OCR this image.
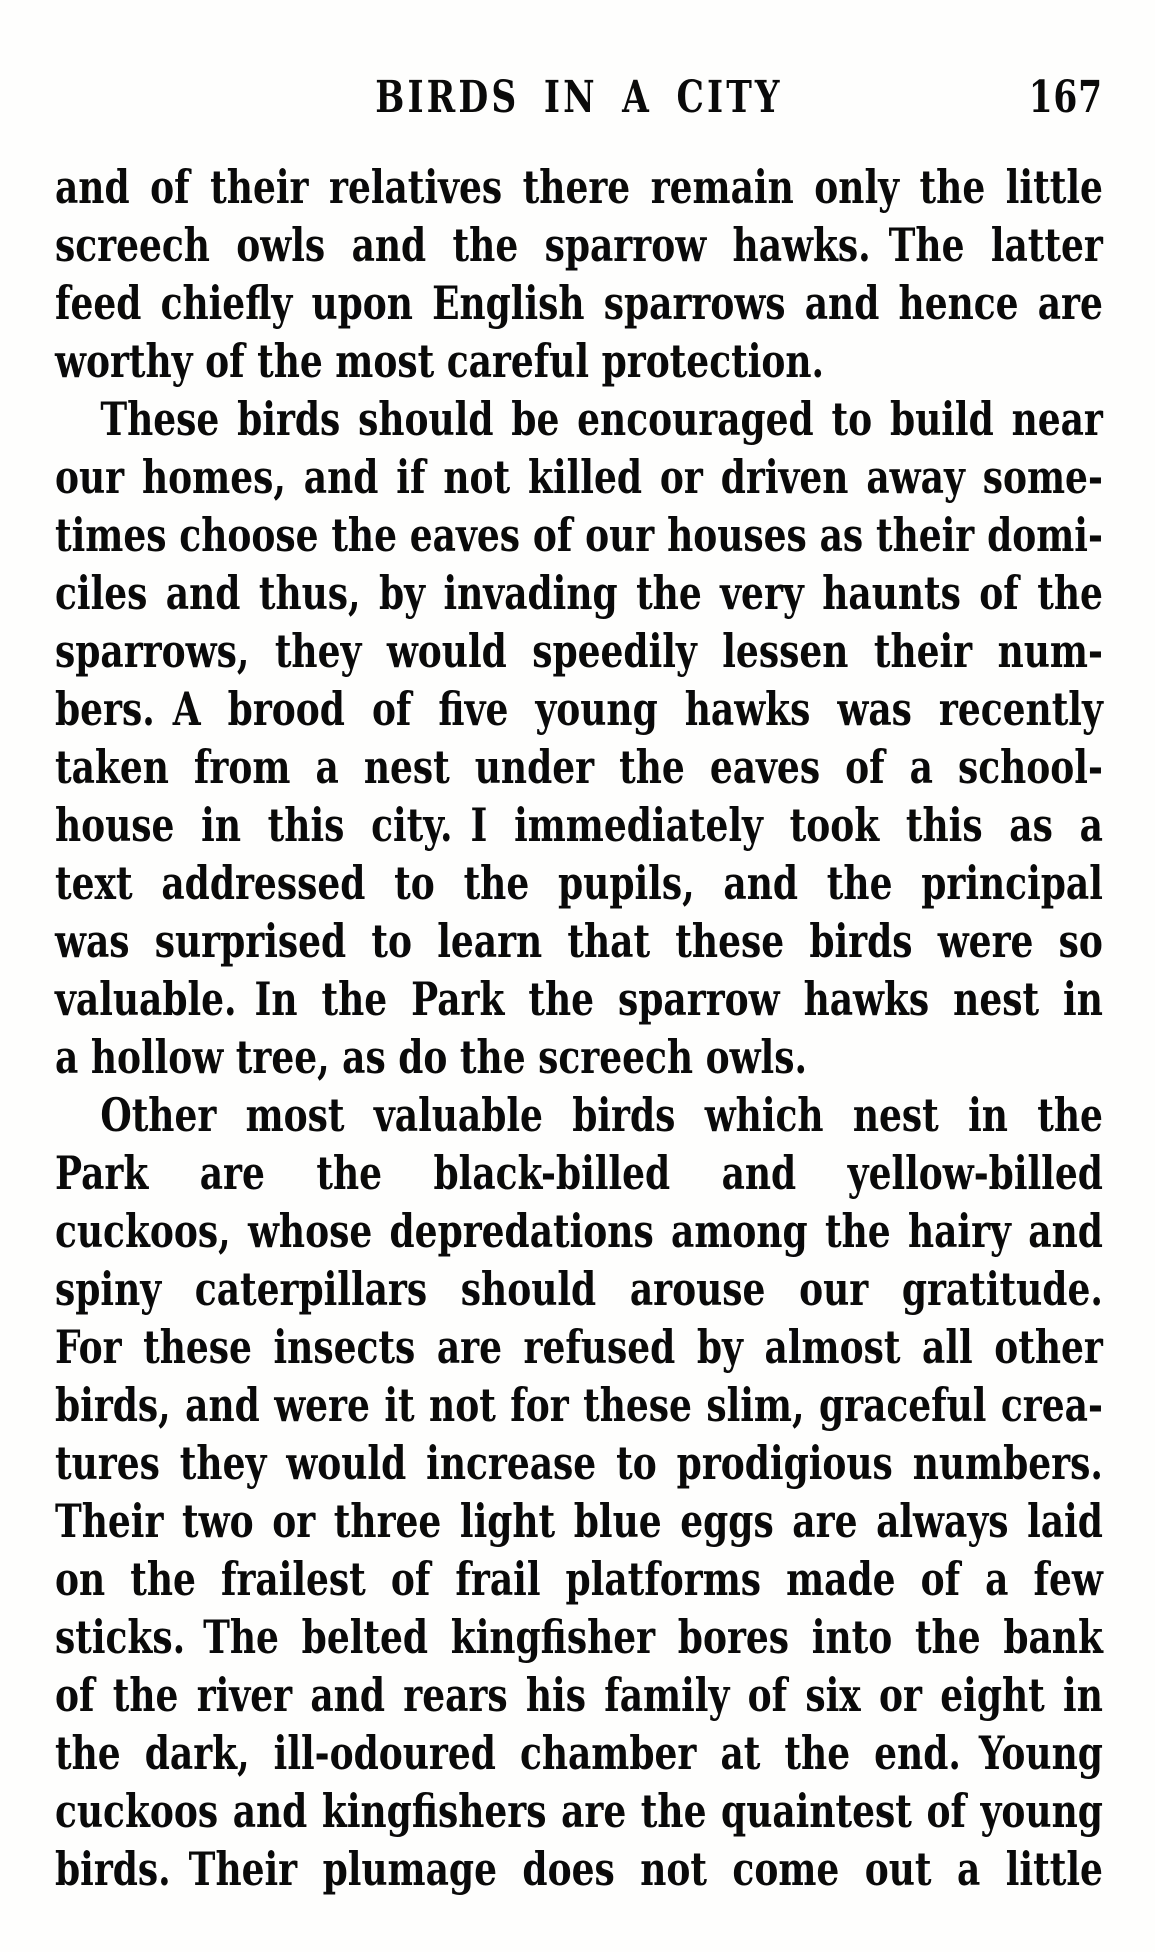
BIRDS IN A CITY	167
and of their relatives there remain only the little
screech owls and the sparrow hawks. The latter
feed chiefly upon English sparrows and hence are
worthy of the most careful protection.
These birds should be encouraged to build near
our homes, and if not killed or driven away some-
times choose the eaves of our houses as their domi-
ciles and thus, by invading the very haunts of the
sparrows, they would speedily lessen their num-
bers. A brood of five young hawks was recently
taken from a nest under the eaves of a school-
house in this city. I immediately took this as a
text addressed to the pupils, and the principal
was surprised to learn that these birds were so
valuable. In the Park the sparrow hawks nest in
a hollow tree, as do the screech owls.
Other most valuable birds which nest in the
Park are the black-billed and yellow-billed
cuckoos, whose depredations among the hairy and
spiny caterpillars should arouse our gratitude.
For these insects are refused by almost all other
birds, and were it not for these slim, graceful crea-
tures they would increase to prodigious numbers.
Their two or three light blue eggs are always laid
on the frailest of frail platforms made of a few
sticks. The belted kingfisher bores into the bank
of the river and rears his family of six or eight in
the dark, ill-odoured chamber at the end. Young
cuckoos and kingfishers are the quaintest of young
birds. Their plumage does not come out a little
